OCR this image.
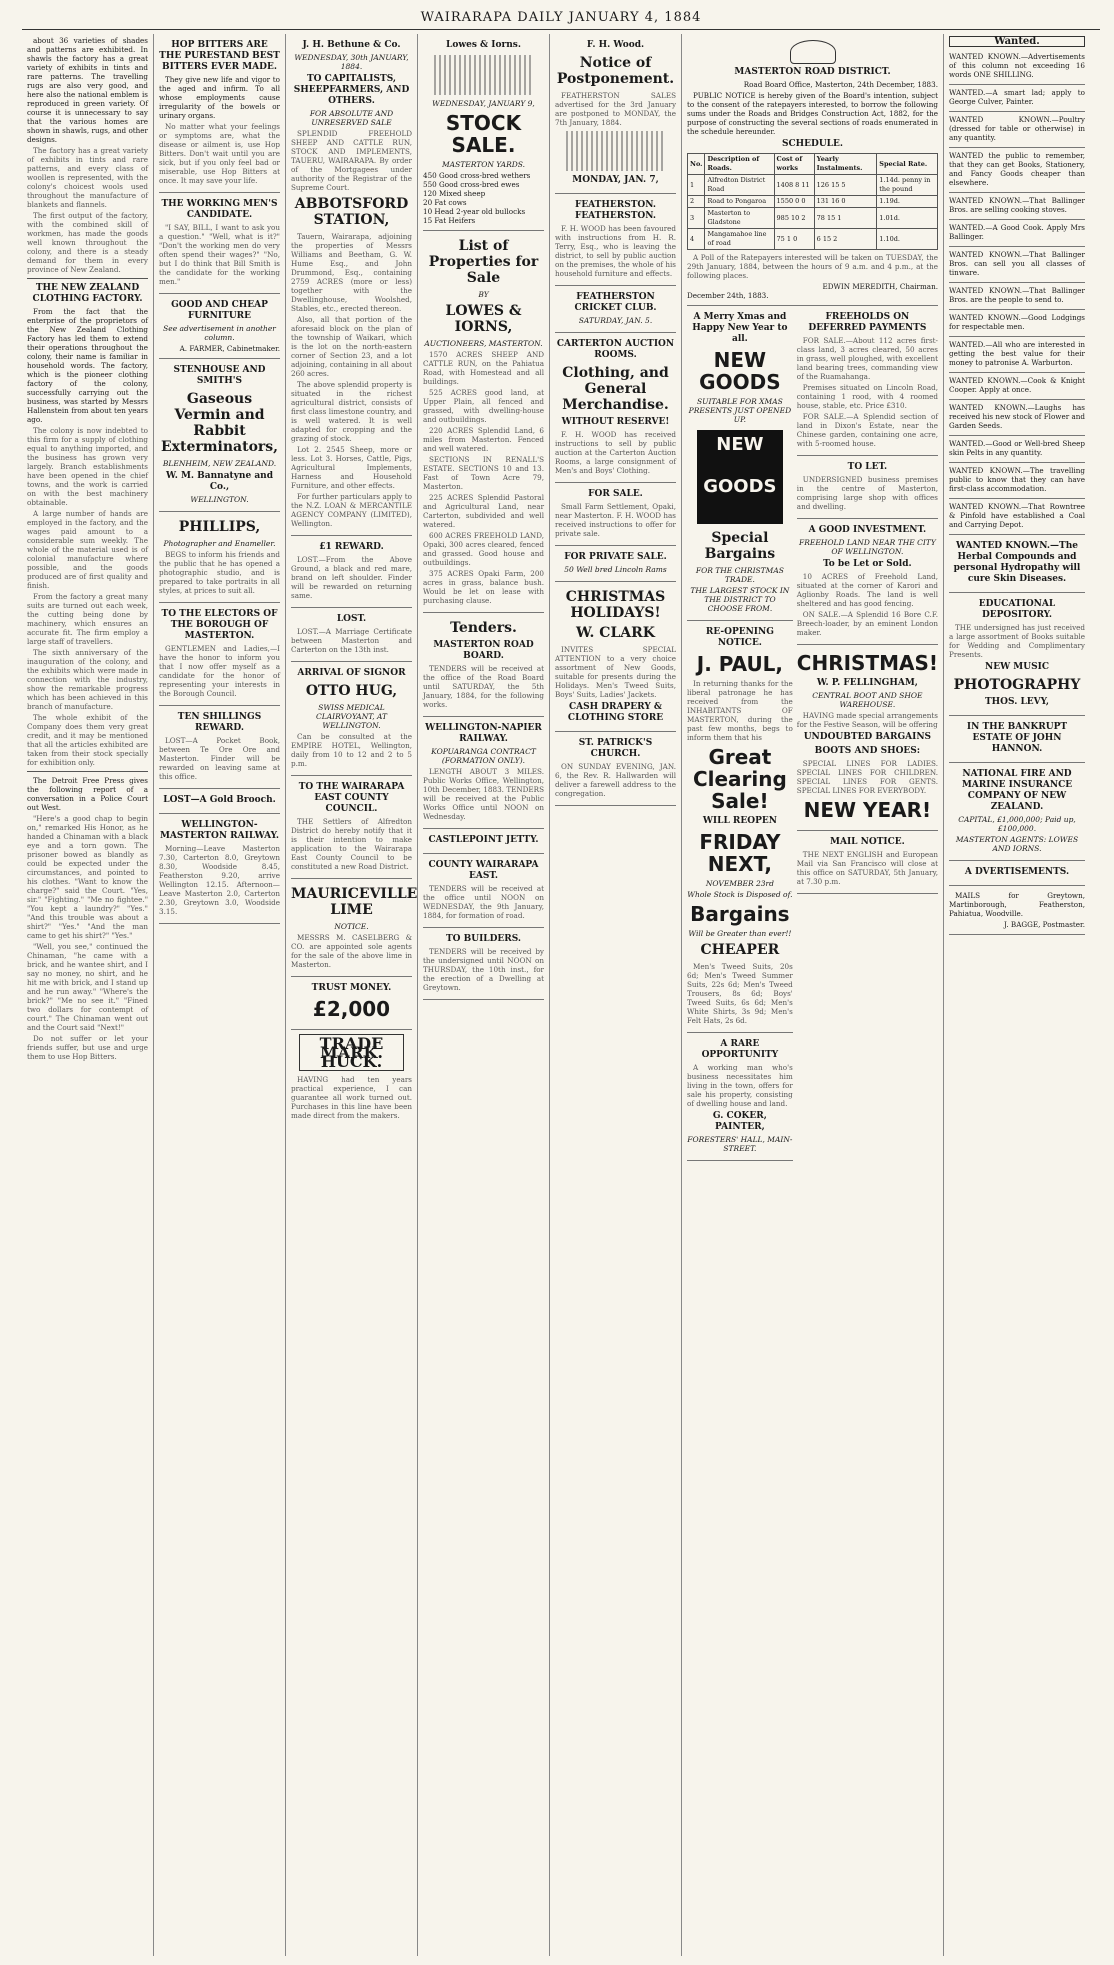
WAIRARAPA DAILY JANUARY 4, 1884
about 36 varieties of shades and patterns are exhibited. In shawls the factory has a great variety of exhibits in tints and rare patterns. The travelling rugs are also very good, and here also the national emblem is reproduced in green variety. Of course it is unnecessary to say that the various homes are shown in shawls, rugs, and other designs.
The factory has a great variety of exhibits in tints and rare patterns, and every class of woollen is represented, with the colony's choicest wools used throughout the manufacture of blankets and flannels.
The first output of the factory, with the combined skill of workmen, has made the goods well known throughout the colony, and there is a steady demand for them in every province of New Zealand.
THE NEW ZEALAND CLOTHING FACTORY.
From the fact that the enterprise of the proprietors of the New Zealand Clothing Factory has led them to extend their operations throughout the colony, their name is familiar in household words. The factory, which is the pioneer clothing factory of the colony, successfully carrying out the business, was started by Messrs Hallenstein from about ten years ago.
The colony is now indebted to this firm for a supply of clothing equal to anything imported, and the business has grown very largely. Branch establishments have been opened in the chief towns, and the work is carried on with the best machinery obtainable.
A large number of hands are employed in the factory, and the wages paid amount to a considerable sum weekly. The whole of the material used is of colonial manufacture where possible, and the goods produced are of first quality and finish.
From the factory a great many suits are turned out each week, the cutting being done by machinery, which ensures an accurate fit. The firm employ a large staff of travellers.
The sixth anniversary of the inauguration of the colony, and the exhibits which were made in connection with the industry, show the remarkable progress which has been achieved in this branch of manufacture.
The whole exhibit of the Company does them very great credit, and it may be mentioned that all the articles exhibited are taken from their stock specially for exhibition only.
The Detroit Free Press gives the following report of a conversation in a Police Court out West.
"Here's a good chap to begin on," remarked His Honor, as he handed a Chinaman with a black eye and a torn gown. The prisoner bowed as blandly as could be expected under the circumstances, and pointed to his clothes. "Want to know the charge?" said the Court. "Yes, sir." "Fighting." "Me no fightee." "You kept a laundry?" "Yes." "And this trouble was about a shirt?" "Yes." "And the man came to get his shirt?" "Yes."
"Well, you see," continued the Chinaman, "he came with a brick, and he wantee shirt, and I say no money, no shirt, and he hit me with brick, and I stand up and he run away." "Where's the brick?" "Me no see it." "Fined two dollars for contempt of court." The Chinaman went out and the Court said "Next!"
Do not suffer or let your friends suffer, but use and urge them to use Hop Bitters.
HOP BITTERS ARE THE PURESTAND BEST BITTERS EVER MADE.
They give new life and vigor to the aged and infirm. To all whose employments cause irregularity of the bowels or urinary organs.
No matter what your feelings or symptoms are, what the disease or ailment is, use Hop Bitters. Don't wait until you are sick, but if you only feel bad or miserable, use Hop Bitters at once. It may save your life.
THE WORKING MEN'S CANDIDATE.
"I SAY, BILL, I want to ask you a question." "Well, what is it?" "Don't the working men do very often spend their wages?" "No, but I do think that Bill Smith is the candidate for the working men."
GOOD AND CHEAP FURNITURE
See advertisement in another column.
A. FARMER, Cabinetmaker.
STENHOUSE AND SMITH'S
Gaseous Vermin and Rabbit Exterminators,
BLENHEIM, NEW ZEALAND.
W. M. Bannatyne and Co.,
WELLINGTON.
PHILLIPS,
Photographer and Enameller.
BEGS to inform his friends and the public that he has opened a photographic studio, and is prepared to take portraits in all styles, at prices to suit all.
TO THE ELECTORS OF THE BOROUGH OF MASTERTON.
GENTLEMEN and Ladies,—I have the honor to inform you that I now offer myself as a candidate for the honor of representing your interests in the Borough Council.
TEN SHILLINGS REWARD.
LOST—A Pocket Book, between Te Ore Ore and Masterton. Finder will be rewarded on leaving same at this office.
LOST—A Gold Brooch.
WELLINGTON-MASTERTON RAILWAY.
Morning—Leave Masterton 7.30, Carterton 8.0, Greytown 8.30, Woodside 8.45, Featherston 9.20, arrive Wellington 12.15. Afternoon—Leave Masterton 2.0, Carterton 2.30, Greytown 3.0, Woodside 3.15.
J. H. Bethune & Co.
WEDNESDAY, 30th JANUARY, 1884.
TO CAPITALISTS, SHEEPFARMERS, AND OTHERS.
FOR ABSOLUTE AND UNRESERVED SALE
SPLENDID FREEHOLD SHEEP AND CATTLE RUN, STOCK AND IMPLEMENTS, TAUERU, WAIRARAPA. By order of the Mortgagees under authority of the Registrar of the Supreme Court.
ABBOTSFORD STATION,
Tauern, Wairarapa, adjoining the properties of Messrs Williams and Beetham, G. W. Hume Esq., and John Drummond, Esq., containing 2759 ACRES (more or less) together with the Dwellinghouse, Woolshed, Stables, etc., erected thereon.
Also, all that portion of the aforesaid block on the plan of the township of Waikari, which is the lot on the north-eastern corner of Section 23, and a lot adjoining, containing in all about 260 acres.
The above splendid property is situated in the richest agricultural district, consists of first class limestone country, and is well watered. It is well adapted for cropping and the grazing of stock.
Lot 2. 2545 Sheep, more or less. Lot 3. Horses, Cattle, Pigs, Agricultural Implements, Harness and Household Furniture, and other effects.
For further particulars apply to the N.Z. LOAN & MERCANTILE AGENCY COMPANY (LIMITED), Wellington.
£1 REWARD.
LOST.—From the Above Ground, a black and red mare, brand on left shoulder. Finder will be rewarded on returning same.
LOST.
LOST.—A Marriage Certificate between Masterton and Carterton on the 13th inst.
ARRIVAL OF SIGNOR
OTTO HUG,
SWISS MEDICAL CLAIRVOYANT, AT WELLINGTON.
Can be consulted at the EMPIRE HOTEL, Wellington, daily from 10 to 12 and 2 to 5 p.m.
TO THE WAIRARAPA EAST COUNTY COUNCIL.
THE Settlers of Alfredton District do hereby notify that it is their intention to make application to the Wairarapa East County Council to be constituted a new Road District.
MAURICEVILLE LIME
NOTICE.
MESSRS M. CASELBERG & CO. are appointed sole agents for the sale of the above lime in Masterton.
TRUST MONEY.
£2,000
TRADE MARK. HUCK.
HAVING had ten years practical experience, I can guarantee all work turned out. Purchases in this line have been made direct from the makers.
Lowes & Iorns.
WEDNESDAY, JANUARY 9,
STOCK SALE.
MASTERTON YARDS.
450 Good cross-bred wethers
550 Good cross-bred ewes
120 Mixed sheep
20 Fat cows
10 Head 2-year old bullocks
15 Fat Heifers
List of Properties for Sale
BY
LOWES & IORNS,
AUCTIONEERS, MASTERTON.
1570 ACRES SHEEP AND CATTLE RUN, on the Pahiatua Road, with Homestead and all buildings.
525 ACRES good land, at Upper Plain, all fenced and grassed, with dwelling-house and outbuildings.
220 ACRES Splendid Land, 6 miles from Masterton. Fenced and well watered.
SECTIONS IN RENALL'S ESTATE. SECTIONS 10 and 13. Fast of Town Acre 79, Masterton.
225 ACRES Splendid Pastoral and Agricultural Land, near Carterton, subdivided and well watered.
600 ACRES FREEHOLD LAND, Opaki, 300 acres cleared, fenced and grassed. Good house and outbuildings.
375 ACRES Opaki Farm, 200 acres in grass, balance bush. Would be let on lease with purchasing clause.
Tenders.
MASTERTON ROAD BOARD.
TENDERS will be received at the office of the Road Board until SATURDAY, the 5th January, 1884, for the following works.
WELLINGTON-NAPIER RAILWAY.
KOPUARANGA CONTRACT (FORMATION ONLY).
LENGTH ABOUT 3 MILES. Public Works Office, Wellington, 10th December, 1883. TENDERS will be received at the Public Works Office until NOON on Wednesday.
CASTLEPOINT JETTY.
COUNTY WAIRARAPA EAST.
TENDERS will be received at the office until NOON on WEDNESDAY, the 9th January, 1884, for formation of road.
TO BUILDERS.
TENDERS will be received by the undersigned until NOON on THURSDAY, the 10th inst., for the erection of a Dwelling at Greytown.
F. H. Wood.
Notice of Postponement.
FEATHERSTON SALES advertised for the 3rd January are postponed to MONDAY, the 7th January, 1884.
MONDAY, JAN. 7,
FEATHERSTON. FEATHERSTON.
F. H. WOOD has been favoured with instructions from H. R. Terry, Esq., who is leaving the district, to sell by public auction on the premises, the whole of his household furniture and effects.
FEATHERSTON CRICKET CLUB.
SATURDAY, JAN. 5.
CARTERTON AUCTION ROOMS.
Clothing, and General Merchandise.
WITHOUT RESERVE!
F. H. WOOD has received instructions to sell by public auction at the Carterton Auction Rooms, a large consignment of Men's and Boys' Clothing.
FOR SALE.
Small Farm Settlement, Opaki, near Masterton. F. H. WOOD has received instructions to offer for private sale.
FOR PRIVATE SALE.
50 Well bred Lincoln Rams
CHRISTMAS HOLIDAYS!
W. CLARK
INVITES SPECIAL ATTENTION to a very choice assortment of New Goods, suitable for presents during the Holidays. Men's Tweed Suits, Boys' Suits, Ladies' Jackets.
CASH DRAPERY & CLOTHING STORE
ST. PATRICK'S CHURCH.
ON SUNDAY EVENING, JAN. 6, the Rev. R. Hallwarden will deliver a farewell address to the congregation.
MASTERTON ROAD DISTRICT.
Road Board Office, Masterton, 24th December, 1883.
PUBLIC NOTICE is hereby given of the Board's intention, subject to the consent of the ratepayers interested, to borrow the following sums under the Roads and Bridges Construction Act, 1882, for the purpose of constructing the several sections of roads enumerated in the schedule hereunder.
SCHEDULE.
No.	Description of Roads.	Cost of works	Yearly Instalments.	Special Rate.
1	Alfredton District Road	1408 8 11	126 15 5	1.14d. penny in the pound
2	Road to Pongaroa	1550 0 0	131 16 0	1.19d.
3	Masterton to Gladstone	985 10 2	78 15 1	1.01d.
4	Mangamahoe line of road	75 1 0	6 15 2	1.10d.
A Poll of the Ratepayers interested will be taken on TUESDAY, the 29th January, 1884, between the hours of 9 a.m. and 4 p.m., at the following places.
EDWIN MEREDITH, Chairman.
December 24th, 1883.
A Merry Xmas and Happy New Year to all.
NEW GOODS
SUITABLE FOR XMAS PRESENTS JUST OPENED UP.
NEW
GOODS
Special Bargains
FOR THE CHRISTMAS TRADE.
THE LARGEST STOCK IN THE DISTRICT TO CHOOSE FROM.
RE-OPENING NOTICE.
J. PAUL,
In returning thanks for the liberal patronage he has received from the INHABITANTS OF MASTERTON, during the past few months, begs to inform them that his
Great Clearing Sale!
WILL REOPEN
FRIDAY NEXT,
NOVEMBER 23rd
Whole Stock is Disposed of.
Bargains
Will be Greater than ever!!
CHEAPER
Men's Tweed Suits, 20s 6d; Men's Tweed Summer Suits, 22s 6d; Men's Tweed Trousers, 8s 6d; Boys' Tweed Suits, 6s 6d; Men's White Shirts, 3s 9d; Men's Felt Hats, 2s 6d.
A RARE OPPORTUNITY
A working man who's business necessitates him living in the town, offers for sale his property, consisting of dwelling house and land.
G. COKER, PAINTER,
FORESTERS' HALL, MAIN-STREET.
FREEHOLDS ON DEFERRED PAYMENTS
FOR SALE.—About 112 acres first-class land, 3 acres cleared, 50 acres in grass, well ploughed, with excellent land bearing trees, commanding view of the Ruamahanga.
Premises situated on Lincoln Road, containing 1 rood, with 4 roomed house, stable, etc. Price £310.
FOR SALE.—A Splendid section of land in Dixon's Estate, near the Chinese garden, containing one acre, with 5-roomed house.
TO LET.
UNDERSIGNED business premises in the centre of Masterton, comprising large shop with offices and dwelling.
A GOOD INVESTMENT.
FREEHOLD LAND NEAR THE CITY OF WELLINGTON.
To be Let or Sold.
10 ACRES of Freehold Land, situated at the corner of Karori and Aglionby Roads. The land is well sheltered and has good fencing.
ON SALE.—A Splendid 16 Bore C.F. Breech-loader, by an eminent London maker.
CHRISTMAS!
W. P. FELLINGHAM,
CENTRAL BOOT AND SHOE WAREHOUSE.
HAVING made special arrangements for the Festive Season, will be offering
UNDOUBTED BARGAINS
BOOTS AND SHOES:
SPECIAL LINES FOR LADIES. SPECIAL LINES FOR CHILDREN. SPECIAL LINES FOR GENTS. SPECIAL LINES FOR EVERYBODY.
NEW YEAR!
MAIL NOTICE.
THE NEXT ENGLISH and European Mail via San Francisco will close at this office on SATURDAY, 5th January, at 7.30 p.m.
Wanted.
WANTED KNOWN.—Advertisements of this column not exceeding 16 words ONE SHILLING.
WANTED.—A smart lad; apply to George Culver, Painter.
WANTED KNOWN.—Poultry (dressed for table or otherwise) in any quantity.
WANTED the public to remember, that they can get Books, Stationery, and Fancy Goods cheaper than elsewhere.
WANTED KNOWN.—That Ballinger Bros. are selling cooking stoves.
WANTED.—A Good Cook. Apply Mrs Ballinger.
WANTED KNOWN.—That Ballinger Bros. can sell you all classes of tinware.
WANTED KNOWN.—That Ballinger Bros. are the people to send to.
WANTED KNOWN.—Good Lodgings for respectable men.
WANTED.—All who are interested in getting the best value for their money to patronise A. Warburton.
WANTED KNOWN.—Cook & Knight Cooper. Apply at once.
WANTED KNOWN.—Laughs has received his new stock of Flower and Garden Seeds.
WANTED.—Good or Well-bred Sheep skin Pelts in any quantity.
WANTED KNOWN.—The travelling public to know that they can have first-class accommodation.
WANTED KNOWN.—That Rowntree & Pinfold have established a Coal and Carrying Depot.
WANTED KNOWN.—The Herbal Compounds and personal Hydropathy will cure Skin Diseases.
EDUCATIONAL DEPOSITORY.
THE undersigned has just received a large assortment of Books suitable for Wedding and Complimentary Presents.
NEW MUSIC
PHOTOGRAPHY
THOS. LEVY,
IN THE BANKRUPT ESTATE OF JOHN HANNON.
NATIONAL FIRE AND MARINE INSURANCE COMPANY OF NEW ZEALAND.
CAPITAL, £1,000,000; Paid up, £100,000.
MASTERTON AGENTS: LOWES AND IORNS.
A DVERTISEMENTS.
MAILS for Greytown, Martinborough, Featherston, Pahiatua, Woodville.
J. BAGGE, Postmaster.
